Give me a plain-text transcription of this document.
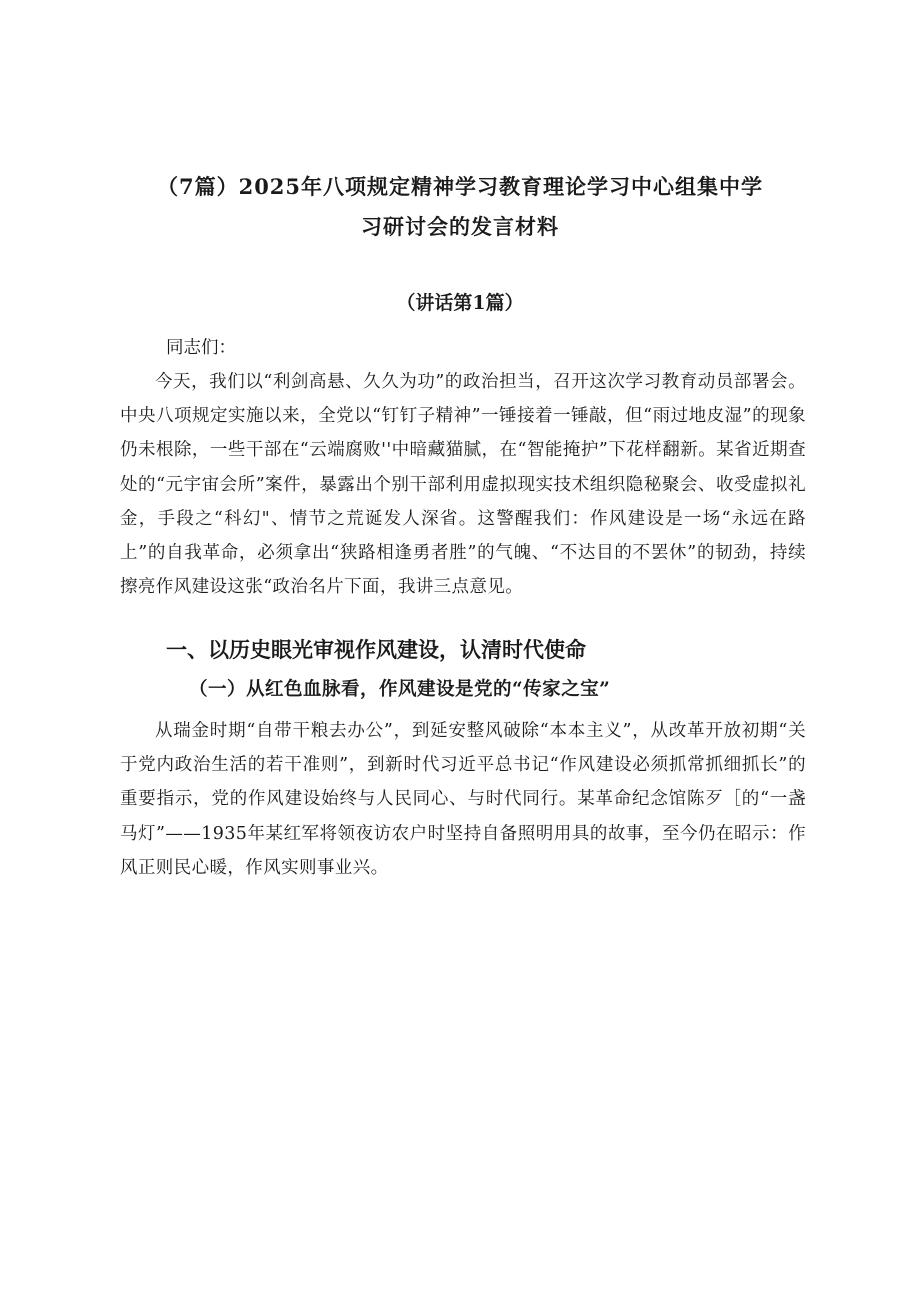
（7篇）2025年八项规定精神学习教育理论学习中心组集中学
习研讨会的发言材料
（讲话第1篇）
同志们：
今天，我们以“利剑高悬、久久为功”的政治担当，召开这次学习教育动员部署会。中央八项规定实施以来，全党以“钉钉子精神”一锤接着一锤敲，但“雨过地皮湿”的现象仍未根除，一些干部在“云端腐败''中暗藏猫腻，在“智能掩护”下花样翻新。某省近期查处的“元宇宙会所”案件，暴露出个别干部利用虚拟现实技术组织隐秘聚会、收受虚拟礼金，手段之“科幻"、情节之荒诞发人深省。这警醒我们：作风建设是一场“永远在路上”的自我革命，必须拿出“狭路相逢勇者胜”的气魄、“不达目的不罢休”的韧劲，持续擦亮作风建设这张“政治名片下面，我讲三点意见。
一、以历史眼光审视作风建设，认清时代使命
（一）从红色血脉看，作风建设是党的“传家之宝”
从瑞金时期“自带干粮去办公”，到延安整风破除“本本主义”，从改革开放初期“关于党内政治生活的若干准则”，到新时代习近平总书记“作风建设必须抓常抓细抓长”的重要指示，党的作风建设始终与人民同心、与时代同行。某革命纪念馆陈歹［的“一盏马灯”——1935年某红军将领夜访农户时坚持自备照明用具的故事，至今仍在昭示：作风正则民心暖，作风实则事业兴。
